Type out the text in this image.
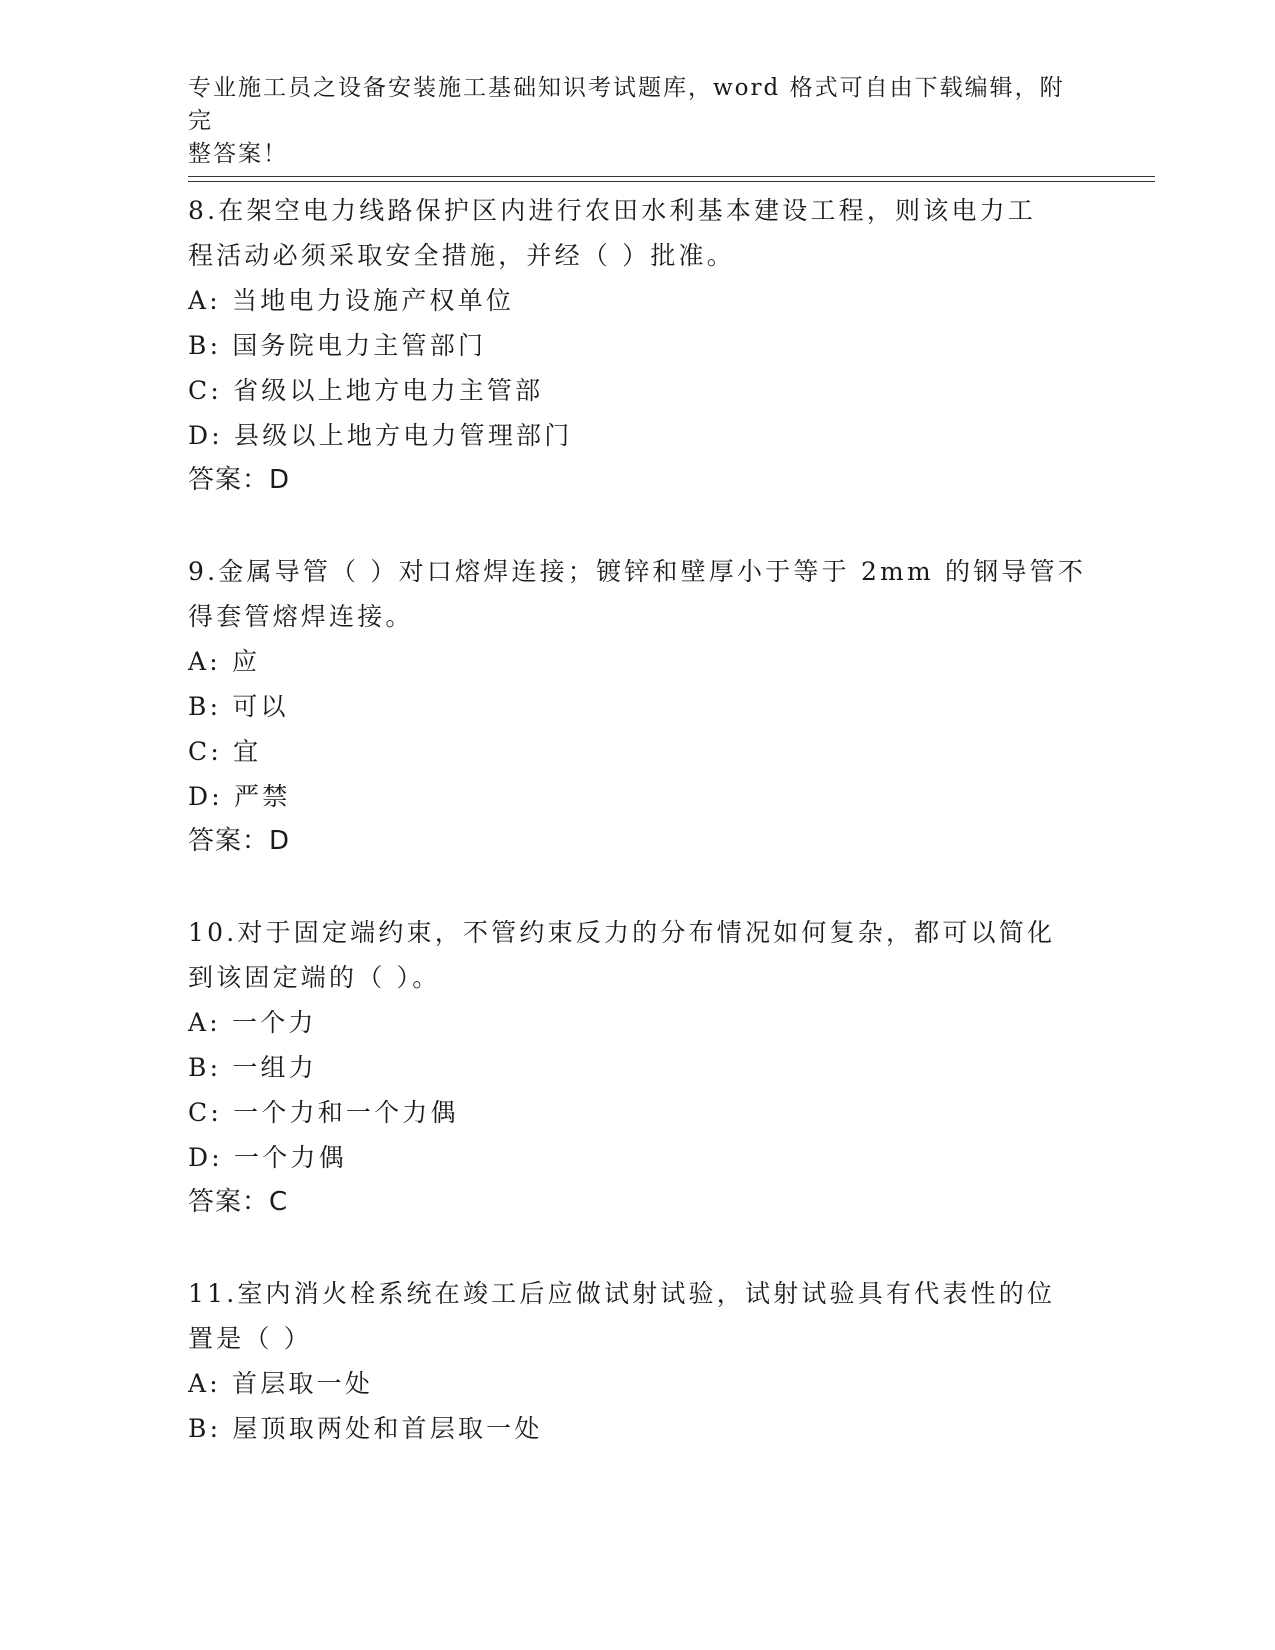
专业施工员之设备安装施工基础知识考试题库，word 格式可自由下载编辑，附完
整答案！
8.在架空电力线路保护区内进行农田水利基本建设工程，则该电力工
程活动必须采取安全措施，并经（ ）批准。
A: 当地电力设施产权单位
B: 国务院电力主管部门
C: 省级以上地方电力主管部
D: 县级以上地方电力管理部门
答案：D
9.金属导管（ ）对口熔焊连接；镀锌和壁厚小于等于 2mm 的钢导管不
得套管熔焊连接。
A: 应
B: 可以
C: 宜
D: 严禁
答案：D
10.对于固定端约束，不管约束反力的分布情况如何复杂，都可以简化
到该固定端的（ ）。
A: 一个力
B: 一组力
C: 一个力和一个力偶
D: 一个力偶
答案：C
11.室内消火栓系统在竣工后应做试射试验，试射试验具有代表性的位
置是（ ）
A: 首层取一处
B: 屋顶取两处和首层取一处
